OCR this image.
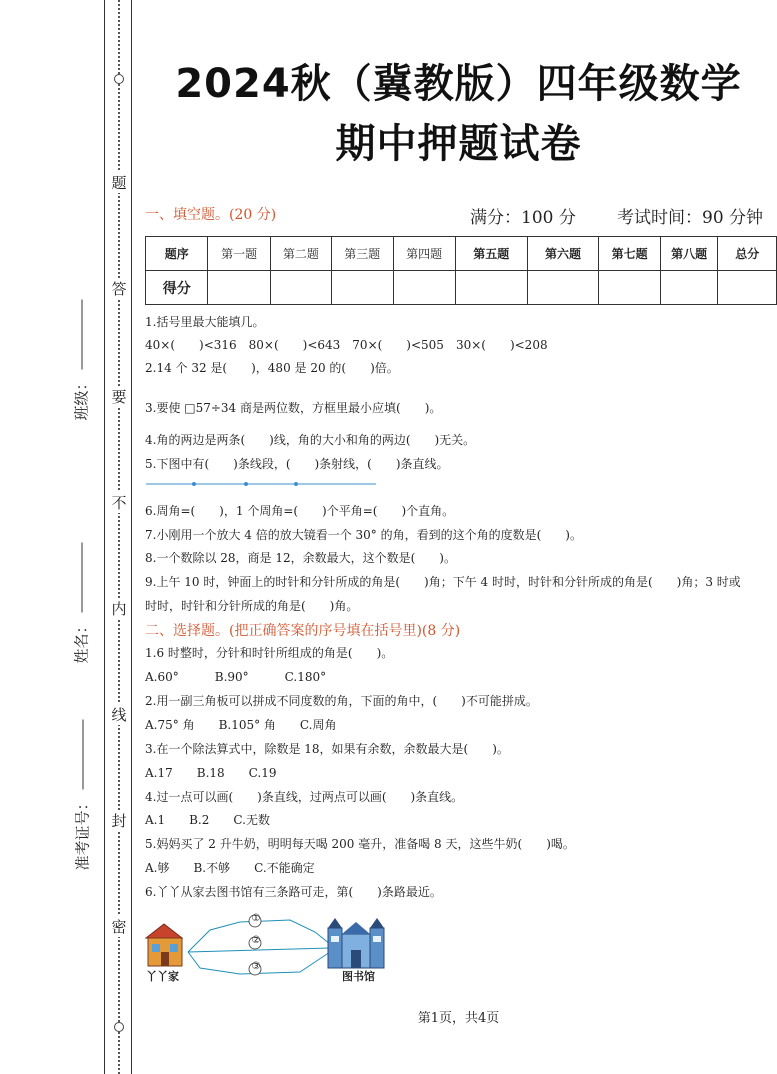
题
答
要
不
内
线
封
密
班级：
姓名：
准考证号：
2024秋（冀教版）四年级数学
期中押题试卷
一、填空题。(20 分)	满分：100 分 考试时间：90 分钟
题序	第一题	第二题	第三题	第四题	第五题	第六题	第七题	第八题	总分
得分									
1.括号里最大能填几。
40×(　　)<316　80×(　　)<643　70×(　　)<505　30×(　　)<208
2.14 个 32 是(　　)，480 是 20 的(　　)倍。
3.要使 □57÷34 商是两位数，方框里最小应填(　　)。
4.角的两边是两条(　　)线，角的大小和角的两边(　　)无关。
5.下图中有(　　)条线段，(　　)条射线，(　　)条直线。
6.周角=(　　)，1 个周角=(　　)个平角=(　　)个直角。
7.小刚用一个放大 4 倍的放大镜看一个 30° 的角，看到的这个角的度数是(　　)。
8.一个数除以 28，商是 12，余数最大，这个数是(　　)。
9.上午 10 时，钟面上的时针和分针所成的角是(　　)角；下午 4 时时，时针和分针所成的角是(　　)角；3 时或
时时，时针和分针所成的角是(　　)角。
二、选择题。(把正确答案的序号填在括号里)(8 分)
1.6 时整时，分针和时针所组成的角是(　　)。
A.60°　　　B.90°　　　C.180°
2.用一副三角板可以拼成不同度数的角，下面的角中，(　　)不可能拼成。
A.75° 角　　B.105° 角　　C.周角
3.在一个除法算式中，除数是 18，如果有余数，余数最大是(　　)。
A.17　　B.18　　C.19
4.过一点可以画(　　)条直线，过两点可以画(　　)条直线。
A.1　　B.2　　C.无数
5.妈妈买了 2 升牛奶，明明每天喝 200 毫升，准备喝 8 天，这些牛奶(　　)喝。
A.够　　B.不够　　C.不能确定
6.丫丫从家去图书馆有三条路可走，第(　　)条路最近。
①
②
③
丫丫家	图书馆
第1页，共4页
